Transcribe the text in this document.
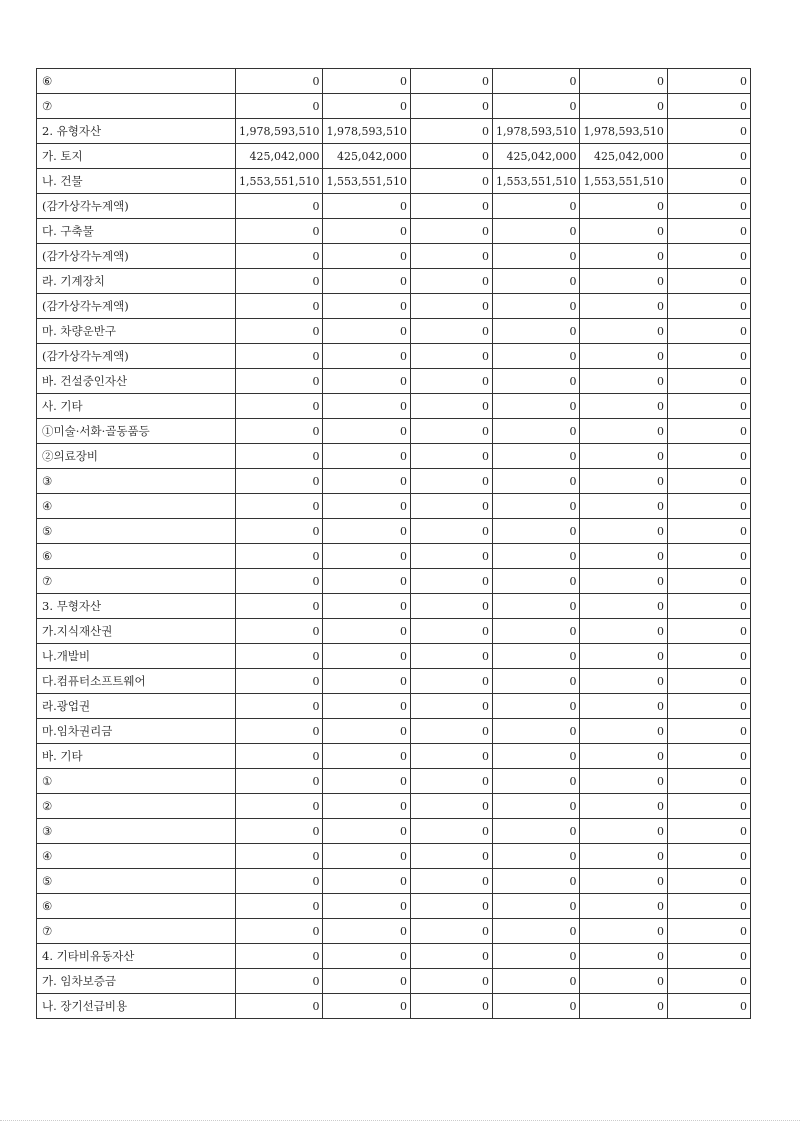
⑥	0	0	0	0	0	0
⑦	0	0	0	0	0	0
2. 유형자산	1,978,593,510	1,978,593,510	0	1,978,593,510	1,978,593,510	0
가. 토지	425,042,000	425,042,000	0	425,042,000	425,042,000	0
나. 건물	1,553,551,510	1,553,551,510	0	1,553,551,510	1,553,551,510	0
(감가상각누계액)	0	0	0	0	0	0
다. 구축물	0	0	0	0	0	0
(감가상각누계액)	0	0	0	0	0	0
라. 기계장치	0	0	0	0	0	0
(감가상각누계액)	0	0	0	0	0	0
마. 차량운반구	0	0	0	0	0	0
(감가상각누계액)	0	0	0	0	0	0
바. 건설중인자산	0	0	0	0	0	0
사. 기타	0	0	0	0	0	0
①미술·서화·골동품등	0	0	0	0	0	0
②의료장비	0	0	0	0	0	0
③	0	0	0	0	0	0
④	0	0	0	0	0	0
⑤	0	0	0	0	0	0
⑥	0	0	0	0	0	0
⑦	0	0	0	0	0	0
3. 무형자산	0	0	0	0	0	0
가.지식재산권	0	0	0	0	0	0
나.개발비	0	0	0	0	0	0
다.컴퓨터소프트웨어	0	0	0	0	0	0
라.광업권	0	0	0	0	0	0
마.임차권리금	0	0	0	0	0	0
바. 기타	0	0	0	0	0	0
①	0	0	0	0	0	0
②	0	0	0	0	0	0
③	0	0	0	0	0	0
④	0	0	0	0	0	0
⑤	0	0	0	0	0	0
⑥	0	0	0	0	0	0
⑦	0	0	0	0	0	0
4. 기타비유동자산	0	0	0	0	0	0
가. 임차보증금	0	0	0	0	0	0
나. 장기선급비용	0	0	0	0	0	0
